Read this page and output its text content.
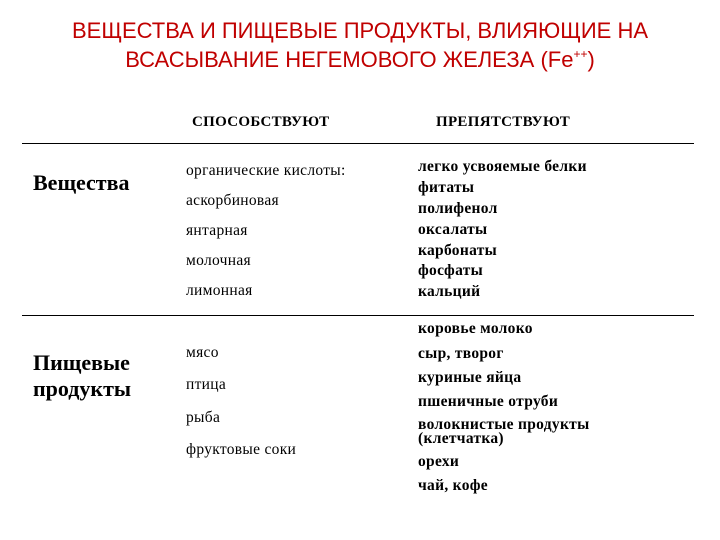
ВЕЩЕСТВА И ПИЩЕВЫЕ ПРОДУКТЫ, ВЛИЯЮЩИЕ НА
ВСАСЫВАНИЕ НЕГЕМОВОГО ЖЕЛЕЗА (Fe++)
СПОСОБСТВУЮТ	ПРЕПЯТСТВУЮТ
Вещества	органические кислоты:
аскорбиновая
янтарная
молочная
лимонная
легко усвояемые белки
фитаты
полифенол
оксалаты
карбонаты
фосфаты
кальций
Пищевые
продукты
мясо
птица
рыба
фруктовые соки
коровье молоко
сыр, творог
куриные яйца
пшеничные отруби
волокнистые продукты
(клетчатка)
орехи
чай, кофе
